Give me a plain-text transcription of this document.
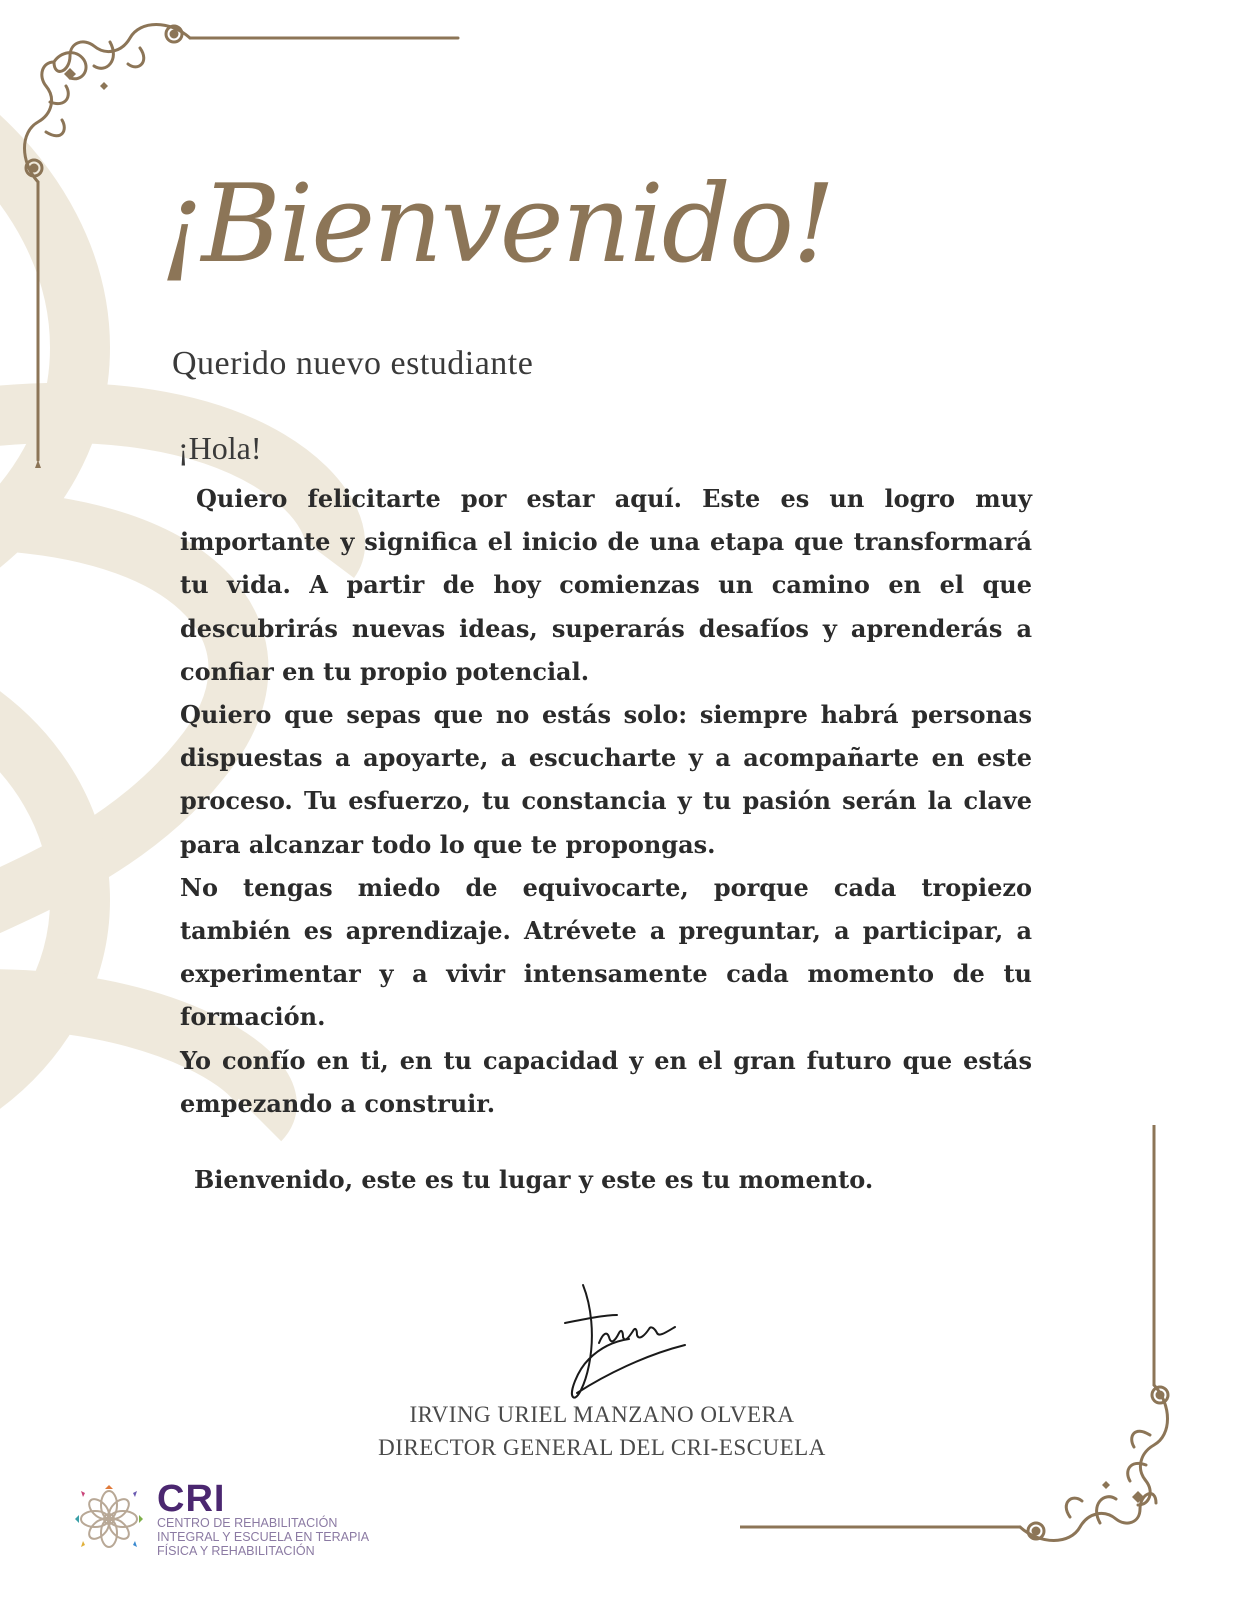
¡Bienvenido!
Querido nuevo estudiante
¡Hola!

Quiero felicitarte por estar aquí. Este es un logro muy importante y significa el inicio de una etapa que transformará tu vida. A partir de hoy comienzas un camino en el que descubrirás nuevas ideas, superarás desafíos y aprenderás a confiar en tu propio potencial.

Quiero que sepas que no estás solo: siempre habrá personas dispuestas a apoyarte, a escucharte y a acompañarte en este proceso. Tu esfuerzo, tu constancia y tu pasión serán la clave para alcanzar todo lo que te propongas.

No tengas miedo de equivocarte, porque cada tropiezo también es aprendizaje. Atrévete a preguntar, a participar, a experimentar y a vivir intensamente cada momento de tu formación.

Yo confío en ti, en tu capacidad y en el gran futuro que estás empezando a construir.

Bienvenido, este es tu lugar y este es tu momento.
IRVING URIEL MANZANO OLVERA
DIRECTOR GENERAL DEL CRI-ESCUELA
CRI
CENTRO DE REHABILITACIÓN
INTEGRAL Y ESCUELA EN TERAPIA
FÍSICA Y REHABILITACIÓN
